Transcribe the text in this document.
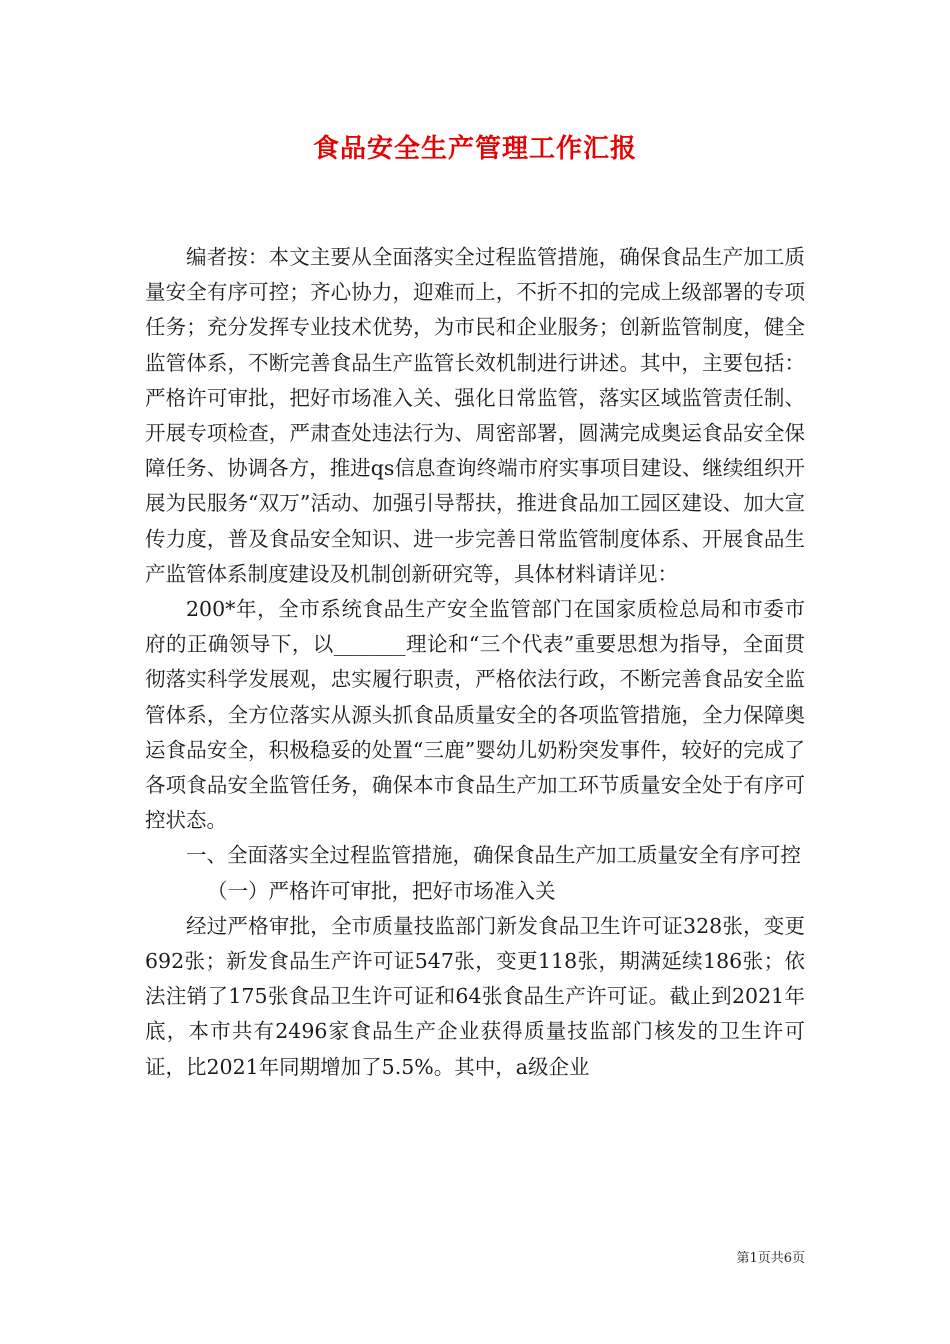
食品安全生产管理工作汇报

编者按：本文主要从全面落实全过程监管措施，确保食品生产加工质量安全有序可控；齐心协力，迎难而上，不折不扣的完成上级部署的专项任务；充分发挥专业技术优势，为市民和企业服务；创新监管制度，健全监管体系，不断完善食品生产监管长效机制进行讲述。其中，主要包括：严格许可审批，把好市场准入关、强化日常监管，落实区域监管责任制、开展专项检查，严肃查处违法行为、周密部署，圆满完成奥运食品安全保障任务、协调各方，推进qs信息查询终端市府实事项目建设、继续组织开展为民服务“双万”活动、加强引导帮扶，推进食品加工园区建设、加大宣传力度，普及食品安全知识、进一步完善日常监管制度体系、开展食品生产监管体系制度建设及机制创新研究等，具体材料请详见：

200*年，全市系统食品生产安全监管部门在国家质检总局和市委市府的正确领导下，以_______理论和“三个代表”重要思想为指导，全面贯彻落实科学发展观，忠实履行职责，严格依法行政，不断完善食品安全监管体系，全方位落实从源头抓食品质量安全的各项监管措施，全力保障奥运食品安全，积极稳妥的处置“三鹿”婴幼儿奶粉突发事件，较好的完成了各项食品安全监管任务，确保本市食品生产加工环节质量安全处于有序可控状态。

一、全面落实全过程监管措施，确保食品生产加工质量安全有序可控

（一）严格许可审批，把好市场准入关

经过严格审批，全市质量技监部门新发食品卫生许可证328张，变更692张；新发食品生产许可证547张，变更118张，期满延续186张；依法注销了175张食品卫生许可证和64张食品生产许可证。截止到2021年底，本市共有2496家食品生产企业获得质量技监部门核发的卫生许可证，比2021年同期增加了5.5%。其中，a级企业

第1页共6页
